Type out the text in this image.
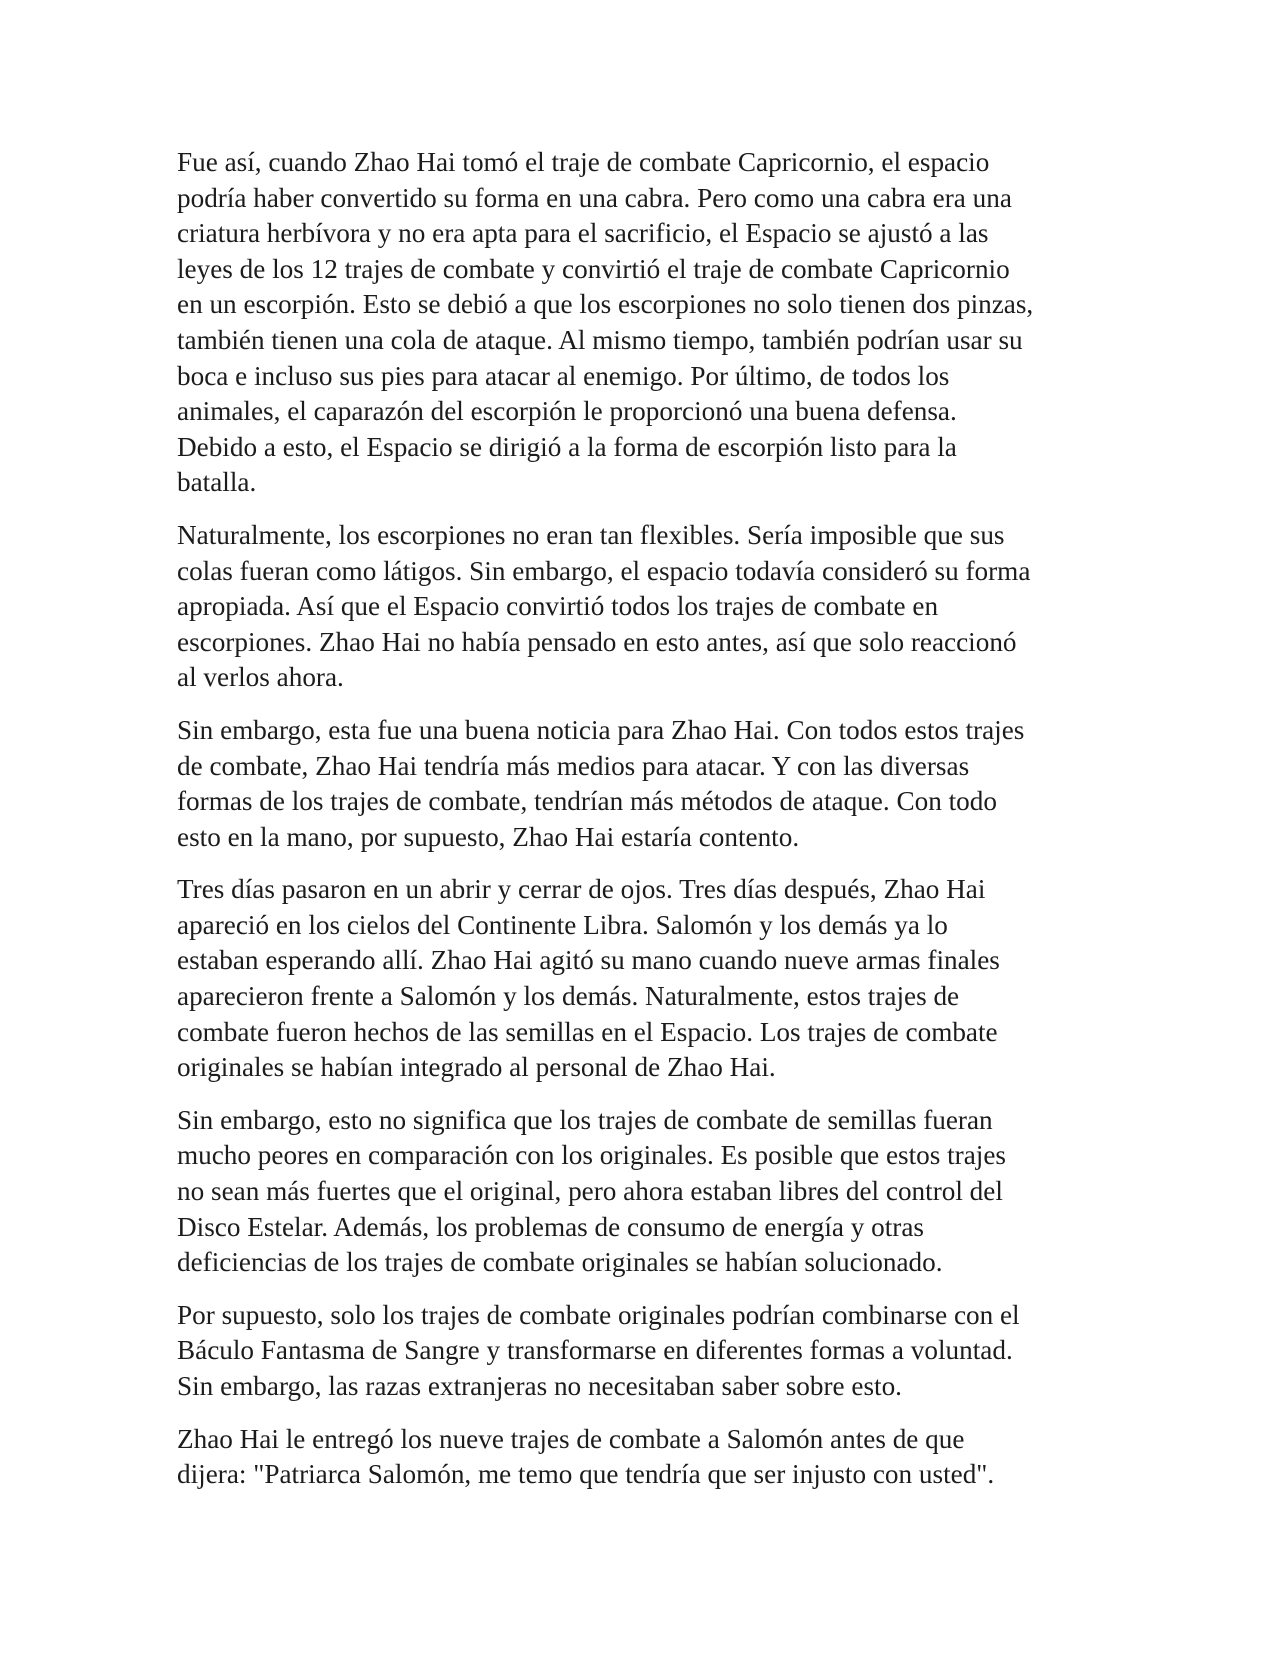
Fue así, cuando Zhao Hai tomó el traje de combate Capricornio, el espacio
podría haber convertido su forma en una cabra. Pero como una cabra era una
criatura herbívora y no era apta para el sacrificio, el Espacio se ajustó a las
leyes de los 12 trajes de combate y convirtió el traje de combate Capricornio
en un escorpión. Esto se debió a que los escorpiones no solo tienen dos pinzas,
también tienen una cola de ataque. Al mismo tiempo, también podrían usar su
boca e incluso sus pies para atacar al enemigo. Por último, de todos los
animales, el caparazón del escorpión le proporcionó una buena defensa.
Debido a esto, el Espacio se dirigió a la forma de escorpión listo para la
batalla.

Naturalmente, los escorpiones no eran tan flexibles. Sería imposible que sus
colas fueran como látigos. Sin embargo, el espacio todavía consideró su forma
apropiada. Así que el Espacio convirtió todos los trajes de combate en
escorpiones. Zhao Hai no había pensado en esto antes, así que solo reaccionó
al verlos ahora.

Sin embargo, esta fue una buena noticia para Zhao Hai. Con todos estos trajes
de combate, Zhao Hai tendría más medios para atacar. Y con las diversas
formas de los trajes de combate, tendrían más métodos de ataque. Con todo
esto en la mano, por supuesto, Zhao Hai estaría contento.

Tres días pasaron en un abrir y cerrar de ojos. Tres días después, Zhao Hai
apareció en los cielos del Continente Libra. Salomón y los demás ya lo
estaban esperando allí. Zhao Hai agitó su mano cuando nueve armas finales
aparecieron frente a Salomón y los demás. Naturalmente, estos trajes de
combate fueron hechos de las semillas en el Espacio. Los trajes de combate
originales se habían integrado al personal de Zhao Hai.

Sin embargo, esto no significa que los trajes de combate de semillas fueran
mucho peores en comparación con los originales. Es posible que estos trajes
no sean más fuertes que el original, pero ahora estaban libres del control del
Disco Estelar. Además, los problemas de consumo de energía y otras
deficiencias de los trajes de combate originales se habían solucionado.

Por supuesto, solo los trajes de combate originales podrían combinarse con el
Báculo Fantasma de Sangre y transformarse en diferentes formas a voluntad.
Sin embargo, las razas extranjeras no necesitaban saber sobre esto.

Zhao Hai le entregó los nueve trajes de combate a Salomón antes de que
dijera: "Patriarca Salomón, me temo que tendría que ser injusto con usted".
